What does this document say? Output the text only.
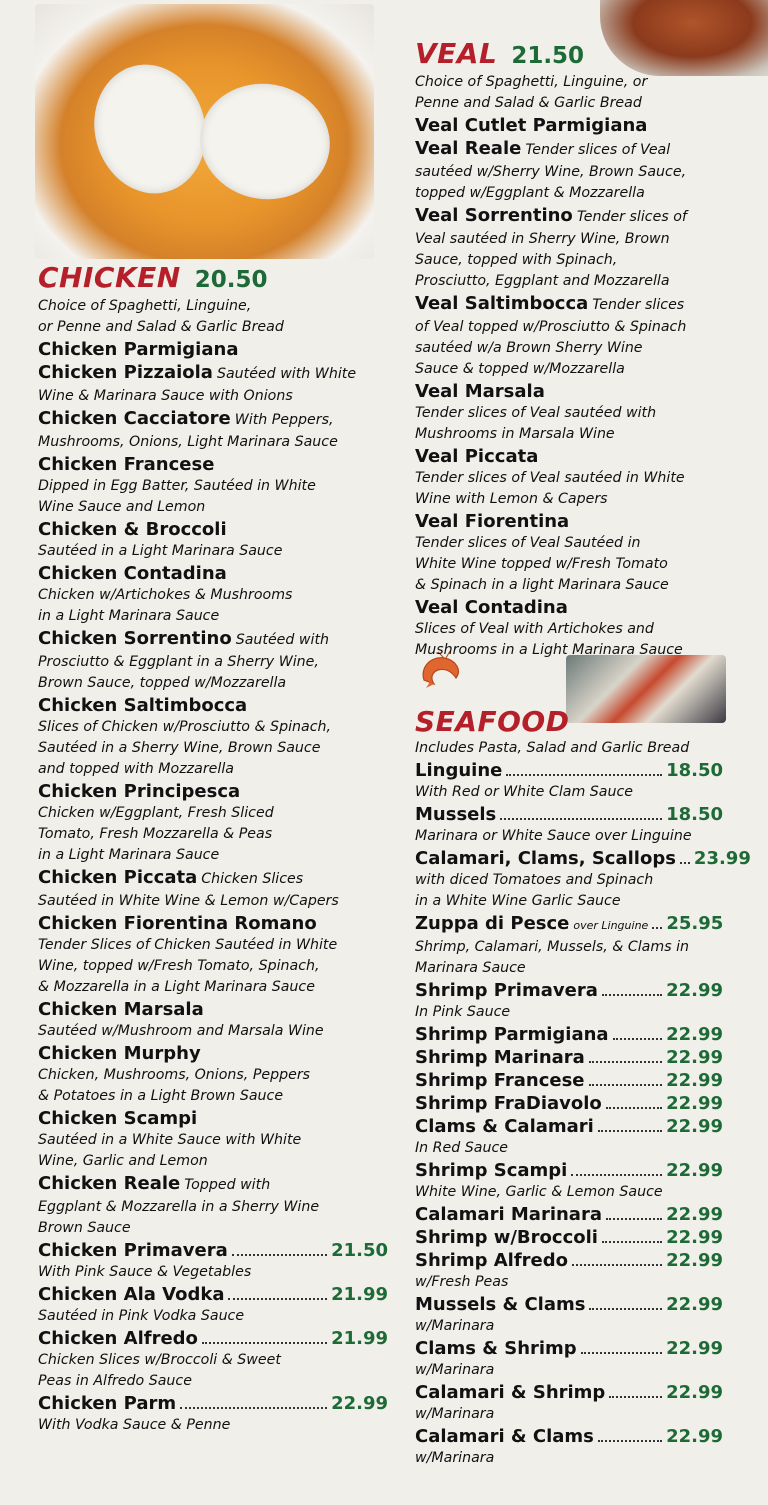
CHICKEN 20.50
Choice of Spaghetti, Linguine,
or Penne and Salad & Garlic Bread
Chicken Parmigiana
Chicken Pizzaiola Sautéed with White
Wine & Marinara Sauce with Onions
Chicken Cacciatore With Peppers,
Mushrooms, Onions, Light Marinara Sauce
Chicken Francese
Dipped in Egg Batter, Sautéed in White
Wine Sauce and Lemon
Chicken & Broccoli
Sautéed in a Light Marinara Sauce
Chicken Contadina
Chicken w/Artichokes & Mushrooms
in a Light Marinara Sauce
Chicken Sorrentino Sautéed with
Prosciutto & Eggplant in a Sherry Wine,
Brown Sauce, topped w/Mozzarella
Chicken Saltimbocca
Slices of Chicken w/Prosciutto & Spinach,
Sautéed in a Sherry Wine, Brown Sauce
and topped with Mozzarella
Chicken Principesca
Chicken w/Eggplant, Fresh Sliced
Tomato, Fresh Mozzarella & Peas
in a Light Marinara Sauce
Chicken Piccata Chicken Slices
Sautéed in White Wine & Lemon w/Capers
Chicken Fiorentina Romano
Tender Slices of Chicken Sautéed in White
Wine, topped w/Fresh Tomato, Spinach,
& Mozzarella in a Light Marinara Sauce
Chicken Marsala
Sautéed w/Mushroom and Marsala Wine
Chicken Murphy
Chicken, Mushrooms, Onions, Peppers
& Potatoes in a Light Brown Sauce
Chicken Scampi
Sautéed in a White Sauce with White
Wine, Garlic and Lemon
Chicken Reale Topped with
Eggplant & Mozzarella in a Sherry Wine
Brown Sauce
Chicken Primavera	21.50
With Pink Sauce & Vegetables
Chicken Ala Vodka	21.99
Sautéed in Pink Vodka Sauce
Chicken Alfredo	21.99
Chicken Slices w/Broccoli & Sweet
Peas in Alfredo Sauce
Chicken Parm	22.99
With Vodka Sauce & Penne
VEAL 21.50
Choice of Spaghetti, Linguine, or
Penne and Salad & Garlic Bread
Veal Cutlet Parmigiana
Veal Reale Tender slices of Veal
sautéed w/Sherry Wine, Brown Sauce,
topped w/Eggplant & Mozzarella
Veal Sorrentino Tender slices of
Veal sautéed in Sherry Wine, Brown
Sauce, topped with Spinach,
Prosciutto, Eggplant and Mozzarella
Veal Saltimbocca Tender slices
of Veal topped w/Prosciutto & Spinach
sautéed w/a Brown Sherry Wine
Sauce & topped w/Mozzarella
Veal Marsala
Tender slices of Veal sautéed with
Mushrooms in Marsala Wine
Veal Piccata
Tender slices of Veal sautéed in White
Wine with Lemon & Capers
Veal Fiorentina
Tender slices of Veal Sautéed in
White Wine topped w/Fresh Tomato
& Spinach in a light Marinara Sauce
Veal Contadina
Slices of Veal with Artichokes and
Mushrooms in a Light Marinara Sauce
SEAFOOD
Includes Pasta, Salad and Garlic Bread
Linguine	18.50
With Red or White Clam Sauce
Mussels	18.50
Marinara or White Sauce over Linguine
Calamari, Clams, Scallops 23.99
with diced Tomatoes and Spinach
in a White Wine Garlic Sauce
Zuppa di Pesce over Linguine 25.95
Shrimp, Calamari, Mussels, & Clams in
Marinara Sauce
Shrimp Primavera	22.99
In Pink Sauce
Shrimp Parmigiana	22.99
Shrimp Marinara	22.99
Shrimp Francese	22.99
Shrimp FraDiavolo	22.99
Clams & Calamari	22.99
In Red Sauce
Shrimp Scampi	22.99
White Wine, Garlic & Lemon Sauce
Calamari Marinara	22.99
Shrimp w/Broccoli	22.99
Shrimp Alfredo	22.99
w/Fresh Peas
Mussels & Clams	22.99
w/Marinara
Clams & Shrimp	22.99
w/Marinara
Calamari & Shrimp	22.99
w/Marinara
Calamari & Clams	22.99
w/Marinara
